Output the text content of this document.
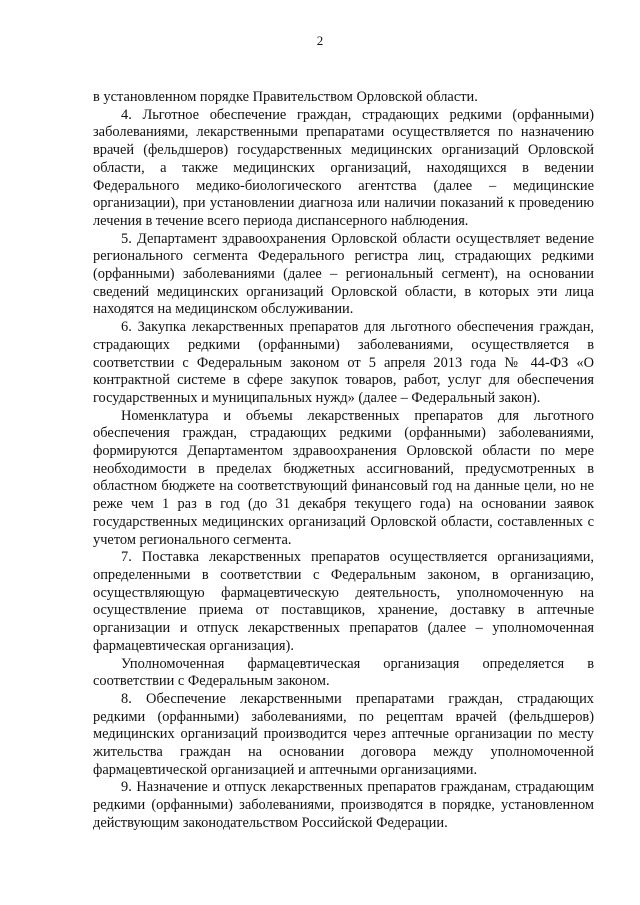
2

в установленном порядке Правительством Орловской области.

4. Льготное обеспечение граждан, страдающих редкими (орфанными) заболеваниями, лекарственными препаратами осуществляется по назначению врачей (фельдшеров) государственных медицинских организаций Орловской области, а также медицинских организаций, находящихся в ведении Федерального медико-биологического агентства (далее – медицинские организации), при установлении диагноза или наличии показаний к проведению лечения в течение всего периода диспансерного наблюдения.

5. Департамент здравоохранения Орловской области осуществляет ведение регионального сегмента Федерального регистра лиц, страдающих редкими (орфанными) заболеваниями (далее – региональный сегмент), на основании сведений медицинских организаций Орловской области, в которых эти лица находятся на медицинском обслуживании.

6. Закупка лекарственных препаратов для льготного обеспечения граждан, страдающих редкими (орфанными) заболеваниями, осуществляется в соответствии с Федеральным законом от 5 апреля 2013 года № 44-ФЗ «О контрактной системе в сфере закупок товаров, работ, услуг для обеспечения государственных и муниципальных нужд» (далее – Федеральный закон).

Номенклатура и объемы лекарственных препаратов для льготного обеспечения граждан, страдающих редкими (орфанными) заболеваниями, формируются Департаментом здравоохранения Орловской области по мере необходимости в пределах бюджетных ассигнований, предусмотренных в областном бюджете на соответствующий финансовый год на данные цели, но не реже чем 1 раз в год (до 31 декабря текущего года) на основании заявок государственных медицинских организаций Орловской области, составленных с учетом регионального сегмента.

7. Поставка лекарственных препаратов осуществляется организациями, определенными в соответствии с Федеральным законом, в организацию, осуществляющую фармацевтическую деятельность, уполномоченную на осуществление приема от поставщиков, хранение, доставку в аптечные организации и отпуск лекарственных препаратов (далее – уполномоченная фармацевтическая организация).

Уполномоченная фармацевтическая организация определяется в соответствии с Федеральным законом.

8. Обеспечение лекарственными препаратами граждан, страдающих редкими (орфанными) заболеваниями, по рецептам врачей (фельдшеров) медицинских организаций производится через аптечные организации по месту жительства граждан на основании договора между уполномоченной фармацевтической организацией и аптечными организациями.

9. Назначение и отпуск лекарственных препаратов гражданам, страдающим редкими (орфанными) заболеваниями, производятся в порядке, установленном действующим законодательством Российской Федерации.
